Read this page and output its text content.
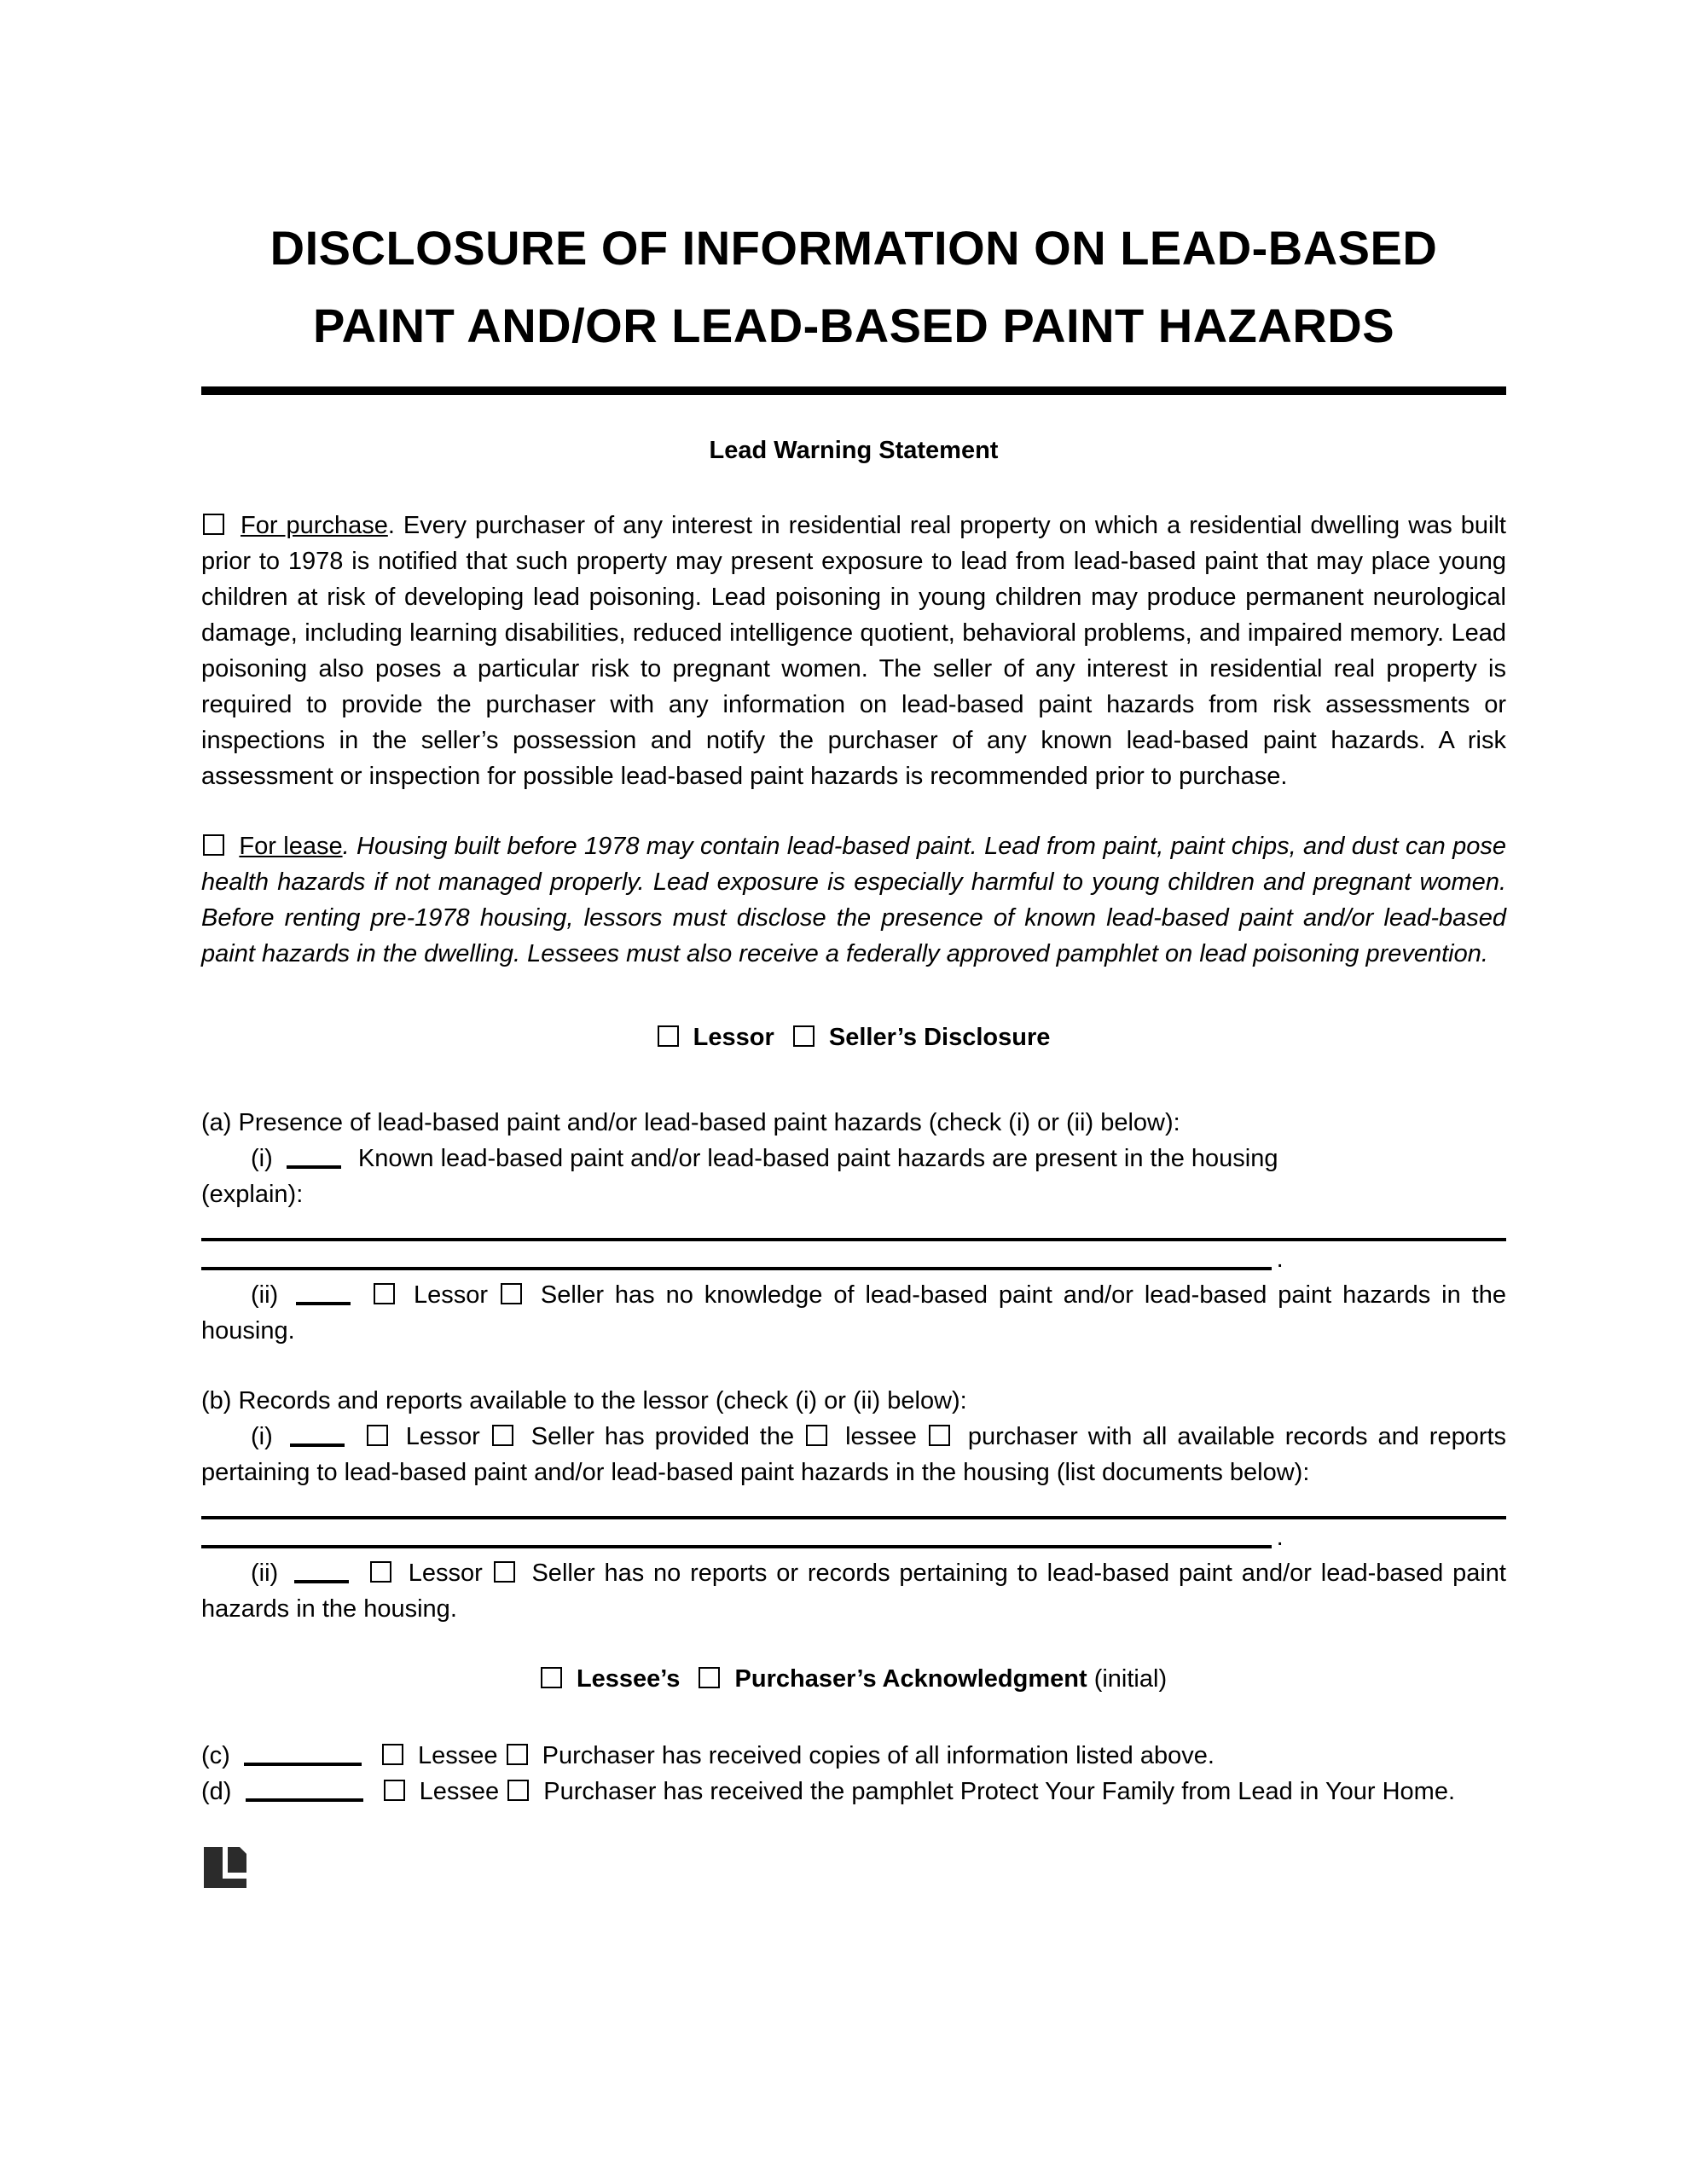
DISCLOSURE OF INFORMATION ON LEAD-BASED
PAINT AND/OR LEAD-BASED PAINT HAZARDS
Lead Warning Statement

For purchase. Every purchaser of any interest in residential real property on which a residential dwelling was built prior to 1978 is notified that such property may present exposure to lead from lead-based paint that may place young children at risk of developing lead poisoning. Lead poisoning in young children may produce permanent neurological damage, including learning disabilities, reduced intelligence quotient, behavioral problems, and impaired memory. Lead poisoning also poses a particular risk to pregnant women. The seller of any interest in residential real property is required to provide the purchaser with any information on lead-based paint hazards from risk assessments or inspections in the seller’s possession and notify the purchaser of any known lead-based paint hazards. A risk assessment or inspection for possible lead-based paint hazards is recommended prior to purchase.

For lease. Housing built before 1978 may contain lead-based paint. Lead from paint, paint chips, and dust can pose health hazards if not managed properly. Lead exposure is especially harmful to young children and pregnant women. Before renting pre-1978 housing, lessors must disclose the presence of known lead-based paint and/or lead-based paint hazards in the dwelling. Lessees must also receive a federally approved pamphlet on lead poisoning prevention.

Lessor Seller’s Disclosure

(a) Presence of lead-based paint and/or lead-based paint hazards (check (i) or (ii) below):

(i)	Known lead-based paint and/or lead-based paint hazards are present in the housing
(explain):

.

(ii)	Lessor Seller has no knowledge of lead-based paint and/or lead-based paint hazards in the housing.

(b) Records and reports available to the lessor (check (i) or (ii) below):

(i)	Lessor Seller has provided the lessee purchaser with all available records and reports pertaining to lead-based paint and/or lead-based paint hazards in the housing (list documents below):

.

(ii)	Lessor Seller has no reports or records pertaining to lead-based paint and/or lead-based paint hazards in the housing.

Lessee’s Purchaser’s Acknowledgment (initial)

(c)	Lessee Purchaser has received copies of all information listed above.

(d)	Lessee Purchaser has received the pamphlet Protect Your Family from Lead in Your Home.
